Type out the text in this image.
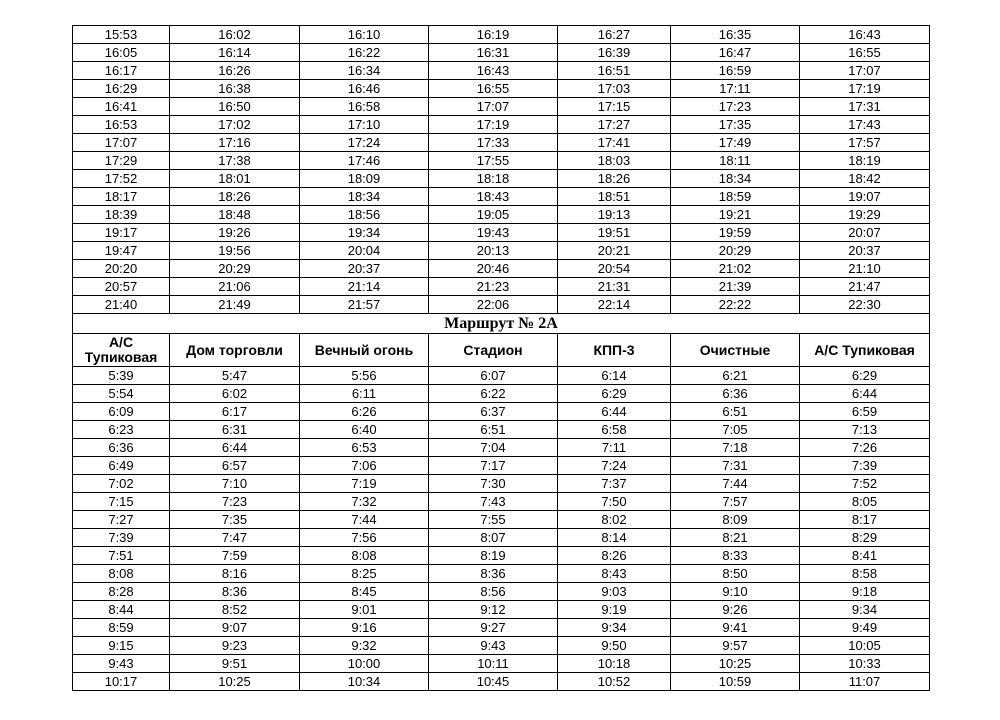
15:53	16:02	16:10	16:19	16:27	16:35	16:43
16:05	16:14	16:22	16:31	16:39	16:47	16:55
16:17	16:26	16:34	16:43	16:51	16:59	17:07
16:29	16:38	16:46	16:55	17:03	17:11	17:19
16:41	16:50	16:58	17:07	17:15	17:23	17:31
16:53	17:02	17:10	17:19	17:27	17:35	17:43
17:07	17:16	17:24	17:33	17:41	17:49	17:57
17:29	17:38	17:46	17:55	18:03	18:11	18:19
17:52	18:01	18:09	18:18	18:26	18:34	18:42
18:17	18:26	18:34	18:43	18:51	18:59	19:07
18:39	18:48	18:56	19:05	19:13	19:21	19:29
19:17	19:26	19:34	19:43	19:51	19:59	20:07
19:47	19:56	20:04	20:13	20:21	20:29	20:37
20:20	20:29	20:37	20:46	20:54	21:02	21:10
20:57	21:06	21:14	21:23	21:31	21:39	21:47
21:40	21:49	21:57	22:06	22:14	22:22	22:30
Маршрут № 2А						
А/С Тупиковая	Дом торговли	Вечный огонь	Стадион	КПП-3	Очистные	А/С Тупиковая
5:39	5:47	5:56	6:07	6:14	6:21	6:29
5:54	6:02	6:11	6:22	6:29	6:36	6:44
6:09	6:17	6:26	6:37	6:44	6:51	6:59
6:23	6:31	6:40	6:51	6:58	7:05	7:13
6:36	6:44	6:53	7:04	7:11	7:18	7:26
6:49	6:57	7:06	7:17	7:24	7:31	7:39
7:02	7:10	7:19	7:30	7:37	7:44	7:52
7:15	7:23	7:32	7:43	7:50	7:57	8:05
7:27	7:35	7:44	7:55	8:02	8:09	8:17
7:39	7:47	7:56	8:07	8:14	8:21	8:29
7:51	7:59	8:08	8:19	8:26	8:33	8:41
8:08	8:16	8:25	8:36	8:43	8:50	8:58
8:28	8:36	8:45	8:56	9:03	9:10	9:18
8:44	8:52	9:01	9:12	9:19	9:26	9:34
8:59	9:07	9:16	9:27	9:34	9:41	9:49
9:15	9:23	9:32	9:43	9:50	9:57	10:05
9:43	9:51	10:00	10:11	10:18	10:25	10:33
10:17	10:25	10:34	10:45	10:52	10:59	11:07
